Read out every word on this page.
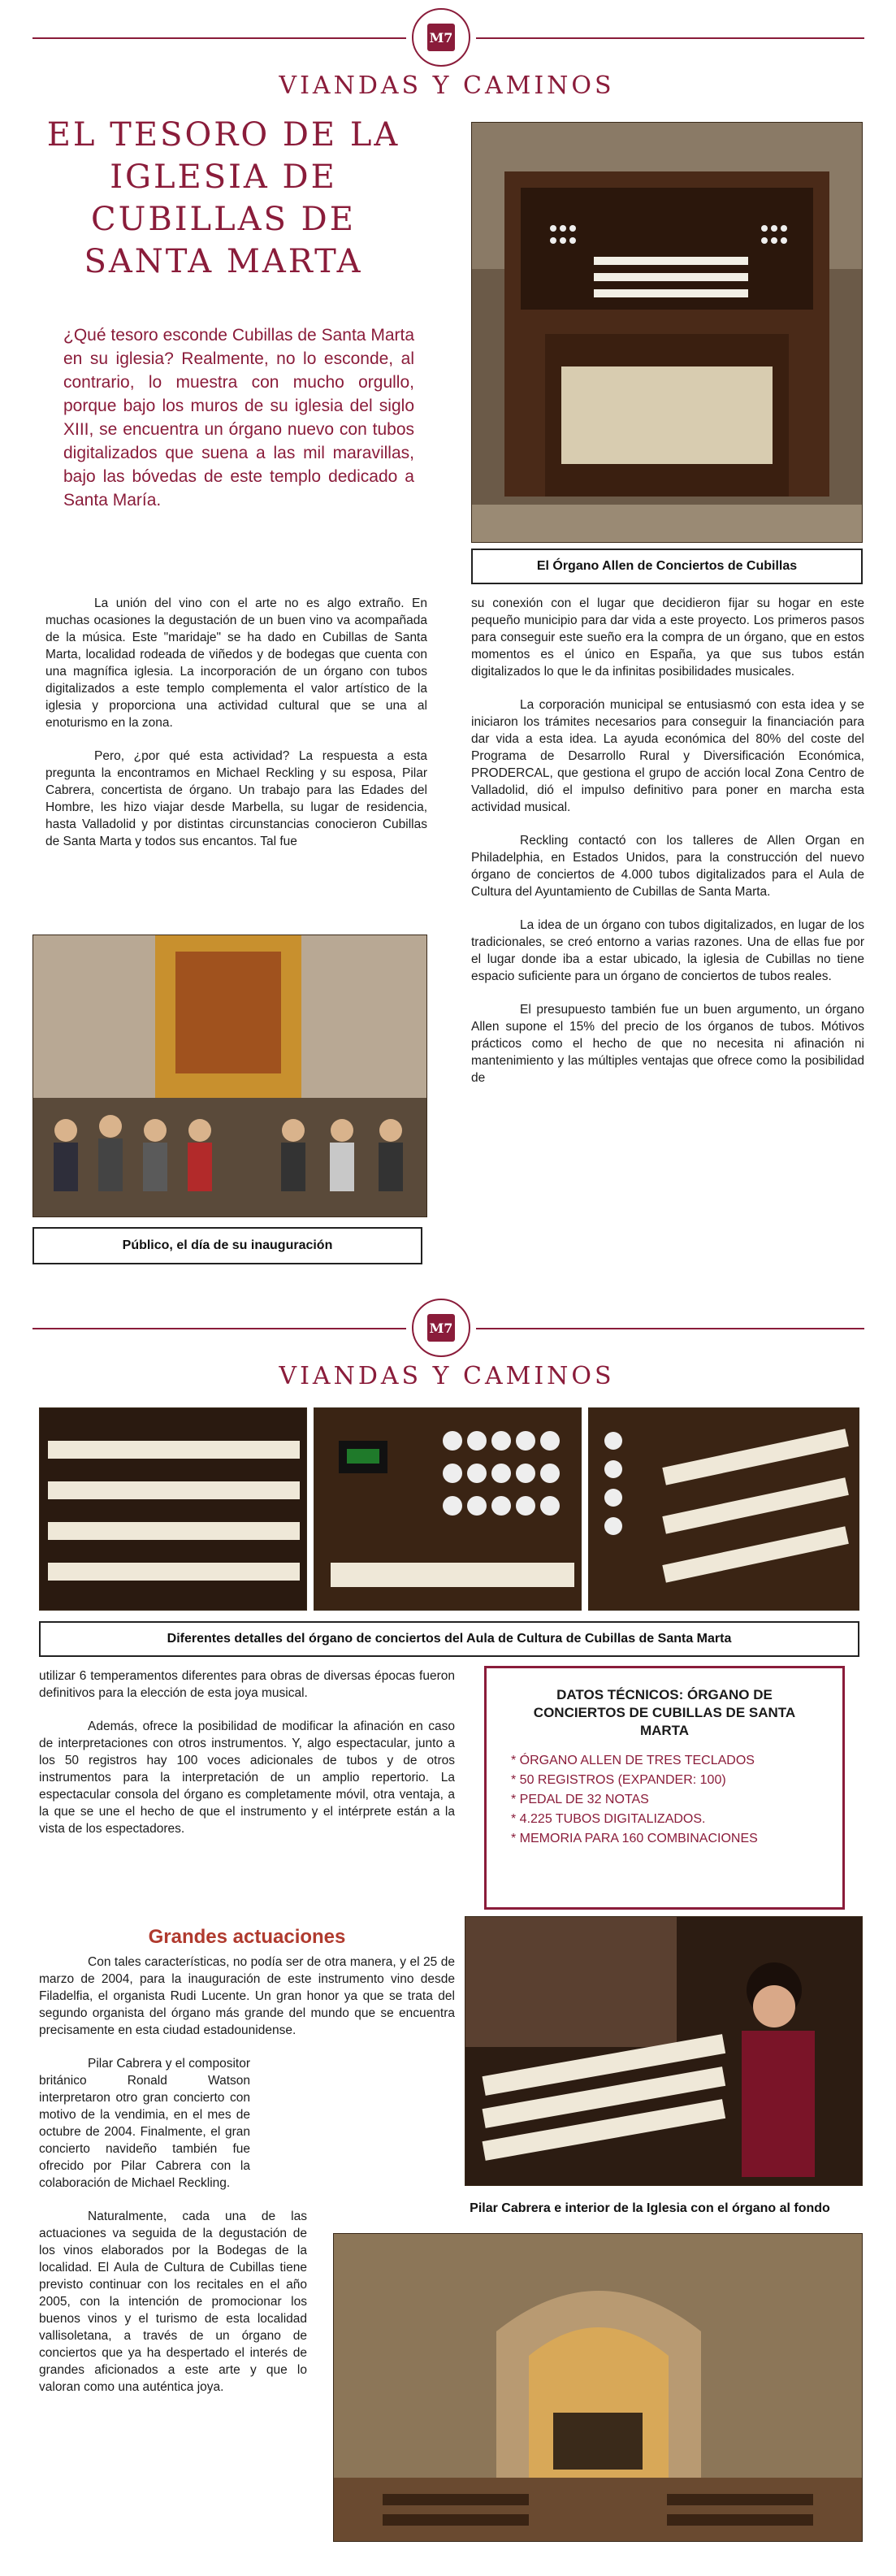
M7
VIANDAS Y CAMINOS
EL TESORO DE LA IGLESIA DE CUBILLAS DE SANTA MARTA
¿Qué tesoro esconde Cubillas de Santa Marta en su iglesia? Realmente, no lo esconde, al contrario, lo muestra con mucho orgullo, porque bajo los muros de su iglesia del siglo XIII, se encuentra un órgano nuevo con tubos digitalizados que suena a las mil maravillas, bajo las bóvedas de este templo dedicado a Santa María.
El Órgano Allen de Conciertos de Cubillas

La unión del vino con el arte no es algo extraño. En muchas ocasiones la degustación de un buen vino va acompañada de la música. Este "maridaje" se ha dado en Cubillas de Santa Marta, localidad rodeada de viñedos y de bodegas que cuenta con una magnífica iglesia. La incorporación de un órgano con tubos digitalizados a este templo complementa el valor artístico de la iglesia y proporciona una actividad cultural que se una al enoturismo en la zona.

Pero, ¿por qué esta actividad? La respuesta a esta pregunta la encontramos en Michael Reckling y su esposa, Pilar Cabrera, concertista de órgano. Un trabajo para las Edades del Hombre, les hizo viajar desde Marbella, su lugar de residencia, hasta Valladolid y por distintas circunstancias conocieron Cubillas de Santa Marta y todos sus encantos. Tal fue

Público, el día de su inauguración

su conexión con el lugar que decidieron fijar su hogar en este pequeño municipio para dar vida a este proyecto. Los primeros pasos para conseguir este sueño era la compra de un órgano, que en estos momentos es el único en España, ya que sus tubos están digitalizados lo que le da infinitas posibilidades musicales.

La corporación municipal se entusiasmó con esta idea y se iniciaron los trámites necesarios para conseguir la financiación para dar vida a esta idea. La ayuda económica del 80% del coste del Programa de Desarrollo Rural y Diversificación Económica, PRODERCAL, que gestiona el grupo de acción local Zona Centro de Valladolid, dió el impulso definitivo para poner en marcha esta actividad musical.

Reckling contactó con los talleres de Allen Organ en Philadelphia, en Estados Unidos, para la construcción del nuevo órgano de conciertos de 4.000 tubos digitalizados para el Aula de Cultura del Ayuntamiento de Cubillas de Santa Marta.

La idea de un órgano con tubos digitalizados, en lugar de los tradicionales, se creó entorno a varias razones. Una de ellas fue por el lugar donde iba a estar ubicado, la iglesia de Cubillas no tiene espacio suficiente para un órgano de conciertos de tubos reales.

El presupuesto también fue un buen argumento, un órgano Allen supone el 15% del precio de los órganos de tubos. Mótivos prácticos como el hecho de que no necesita ni afinación ni mantenimiento y las múltiples ventajas que ofrece como la posibilidad de

M7
VIANDAS Y CAMINOS
Diferentes detalles del órgano de conciertos del Aula de Cultura de Cubillas de Santa Marta

utilizar 6 temperamentos diferentes para obras de diversas épocas fueron definitivos para la elección de esta joya musical.

Además, ofrece la posibilidad de modificar la afinación en caso de interpretaciones con otros instrumentos. Y, algo espectacular, junto a los 50 registros hay 100 voces adicionales de tubos y de otros instrumentos para la interpretación de un amplio repertorio. La espectacular consola del órgano es completamente móvil, otra ventaja, a la que se une el hecho de que el instrumento y el intérprete están a la vista de los espectadores.

Grandes actuaciones

Con tales características, no podía ser de otra manera, y el 25 de marzo de 2004, para la inauguración de este instrumento vino desde Filadelfia, el organista Rudi Lucente. Un gran honor ya que se trata del segundo organista del órgano más grande del mundo que se encuentra precisamente en esta ciudad estadounidense.

Pilar Cabrera y el compositor británico Ronald Watson interpretaron otro gran concierto con motivo de la vendimia, en el mes de octubre de 2004. Finalmente, el gran concierto navideño también fue ofrecido por Pilar Cabrera con la colaboración de Michael Reckling.

Naturalmente, cada una de las actuaciones va seguida de la degustación de los vinos elaborados por la Bodegas de la localidad. El Aula de Cultura de Cubillas tiene previsto continuar con los recitales en el año 2005, con la intención de promocionar los buenos vinos y el turismo de esta localidad vallisoletana, a través de un órgano de conciertos que ya ha despertado el interés de grandes aficionados a este arte y que lo valoran como una auténtica joya.

DATOS TÉCNICOS: ÓRGANO DE CONCIERTOS DE CUBILLAS DE SANTA MARTA
* ÓRGANO ALLEN DE TRES TECLADOS
* 50 REGISTROS (EXPANDER: 100)
* PEDAL DE 32 NOTAS
* 4.225 TUBOS DIGITALIZADOS.
* MEMORIA PARA 160 COMBINACIONES
Pilar Cabrera e interior de la Iglesia con el órgano al fondo
